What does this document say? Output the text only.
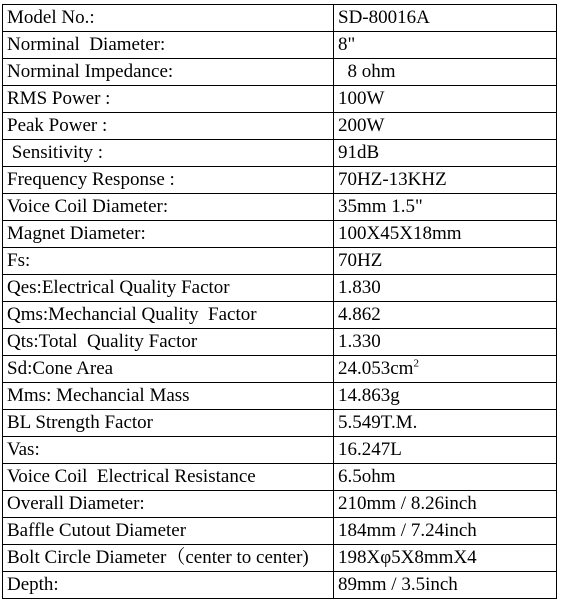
Model No.:	SD-80016A
Norminal  Diameter:	8"
Norminal Impedance:	8 ohm
RMS Power :	100W
Peak Power :	200W
Sensitivity :	91dB
Frequency Response :	70HZ-13KHZ
Voice Coil Diameter:	35mm 1.5"
Magnet Diameter:	100X45X18mm
Fs:	70HZ
Qes:Electrical Quality Factor	1.830
Qms:Mechancial Quality  Factor	4.862
Qts:Total  Quality Factor	1.330
Sd:Cone Area	$24.053cm^2$
Mms: Mechancial Mass	14.863g
BL Strength Factor	5.549T.M.
Vas:	16.247L
Voice Coil  Electrical Resistance	6.5ohm
Overall Diameter:	210mm / 8.26inch
Baffle Cutout Diameter	184mm / 7.24inch
Bolt Circle Diameter（center to center)	198Xφ5X8mmX4
Depth:	89mm / 3.5inch
